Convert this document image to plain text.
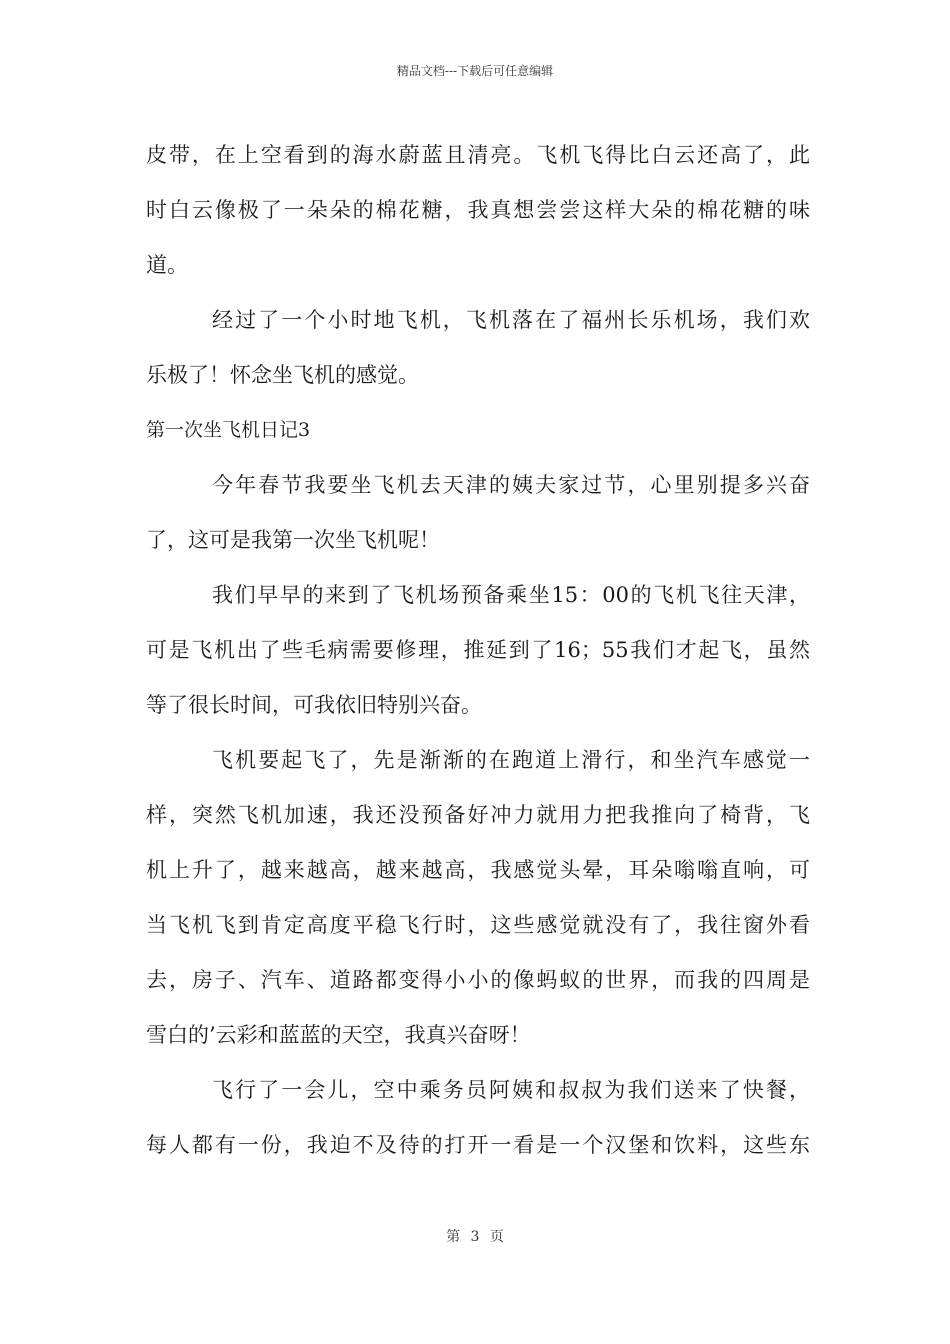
精品文档---下载后可任意编辑
皮带，在上空看到的海水蔚蓝且清亮。飞机飞得比白云还高了，此
时白云像极了一朵朵的棉花糖，我真想尝尝这样大朵的棉花糖的味
道。
经过了一个小时地飞机，飞机落在了福州长乐机场，我们欢
乐极了！怀念坐飞机的感觉。
第一次坐飞机日记3
今年春节我要坐飞机去天津的姨夫家过节，心里别提多兴奋
了，这可是我第一次坐飞机呢！
我们早早的来到了飞机场预备乘坐15：00的飞机飞往天津，
可是飞机出了些毛病需要修理，推延到了16；55我们才起飞，虽然
等了很长时间，可我依旧特别兴奋。
飞机要起飞了，先是渐渐的在跑道上滑行，和坐汽车感觉一
样，突然飞机加速，我还没预备好冲力就用力把我推向了椅背，飞
机上升了，越来越高，越来越高，我感觉头晕，耳朵嗡嗡直响，可
当飞机飞到肯定高度平稳飞行时，这些感觉就没有了，我往窗外看
去，房子、汽车、道路都变得小小的像蚂蚁的世界，而我的四周是
雪白的’云彩和蓝蓝的天空，我真兴奋呀！
飞行了一会儿，空中乘务员阿姨和叔叔为我们送来了快餐，
每人都有一份，我迫不及待的打开一看是一个汉堡和饮料，这些东
第 3 页
